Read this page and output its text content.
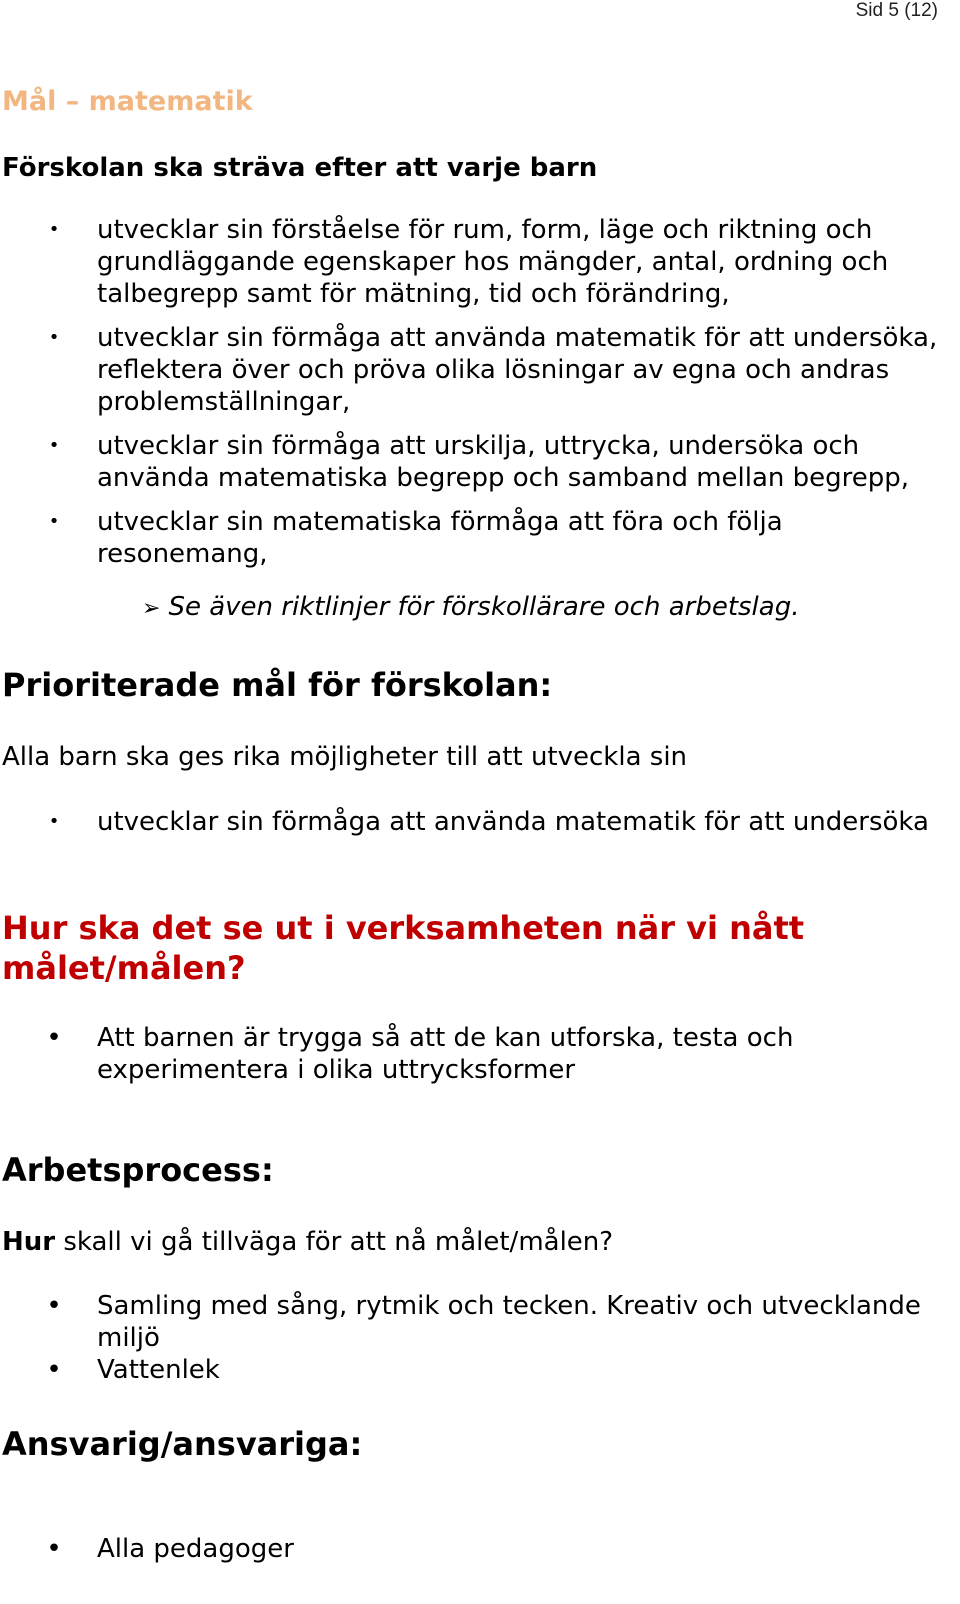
Sid 5 (12)
Mål – matematik
Förskolan ska sträva efter att varje barn
• utvecklar sin förståelse för rum, form, läge och riktning och grundläggande egenskaper hos mängder, antal, ordning och talbegrepp samt för mätning, tid och förändring,
• utvecklar sin förmåga att använda matematik för att undersöka, reflektera över och pröva olika lösningar av egna och andras problemställningar,
• utvecklar sin förmåga att urskilja, uttrycka, undersöka och använda matematiska begrepp och samband mellan begrepp,
• utvecklar sin matematiska förmåga att föra och följa resonemang,
➢ Se även riktlinjer för förskollärare och arbetslag.
Prioriterade mål för förskolan:
Alla barn ska ges rika möjligheter till att utveckla sin
• utvecklar sin förmåga att använda matematik för att undersöka
Hur ska det se ut i verksamheten när vi nått målet/målen?
• Att barnen är trygga så att de kan utforska, testa och experimentera i olika uttrycksformer
Arbetsprocess:
Hur skall vi gå tillväga för att nå målet/målen?
• Samling med sång, rytmik och tecken. Kreativ och utvecklande miljö
• Vattenlek
Ansvarig/ansvariga:
• Alla pedagoger
